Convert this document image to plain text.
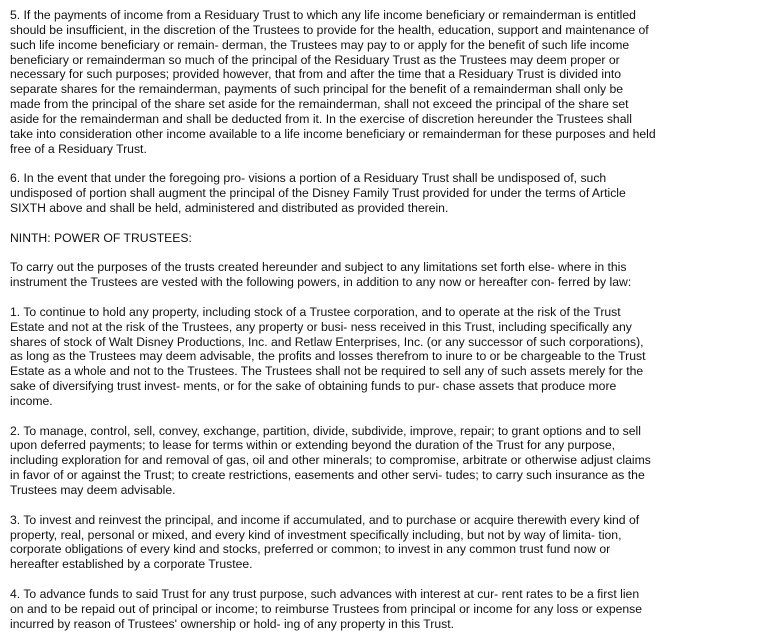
5. If the payments of income from a Residuary Trust to which any life income beneficiary or remainderman is entitled
should be insufficient, in the discretion of the Trustees to provide for the health, education, support and maintenance of
such life income beneficiary or remain- derman, the Trustees may pay to or apply for the benefit of such life income
beneficiary or remainderman so much of the principal of the Residuary Trust as the Trustees may deem proper or
necessary for such purposes; provided however, that from and after the time that a Residuary Trust is divided into
separate shares for the remainderman, payments of such principal for the benefit of a remainderman shall only be
made from the principal of the share set aside for the remainderman, shall not exceed the principal of the share set
aside for the remainderman and shall be deducted from it. In the exercise of discretion hereunder the Trustees shall
take into consideration other income available to a life income beneficiary or remainderman for these purposes and held
free of a Residuary Trust.

6. In the event that under the foregoing pro- visions a portion of a Residuary Trust shall be undisposed of, such
undisposed of portion shall augment the principal of the Disney Family Trust provided for under the terms of Article
SIXTH above and shall be held, administered and distributed as provided therein.

NINTH: POWER OF TRUSTEES:

To carry out the purposes of the trusts created hereunder and subject to any limitations set forth else- where in this
instrument the Trustees are vested with the following powers, in addition to any now or hereafter con- ferred by law:

1. To continue to hold any property, including stock of a Trustee corporation, and to operate at the risk of the Trust
Estate and not at the risk of the Trustees, any property or busi- ness received in this Trust, including specifically any
shares of stock of Walt Disney Productions, Inc. and Retlaw Enterprises, Inc. (or any successor of such corporations),
as long as the Trustees may deem advisable, the profits and losses therefrom to inure to or be chargeable to the Trust
Estate as a whole and not to the Trustees. The Trustees shall not be required to sell any of such assets merely for the
sake of diversifying trust invest- ments, or for the sake of obtaining funds to pur- chase assets that produce more
income.

2. To manage, control, sell, convey, exchange, partition, divide, subdivide, improve, repair; to grant options and to sell
upon deferred payments; to lease for terms within or extending beyond the duration of the Trust for any purpose,
including exploration for and removal of gas, oil and other minerals; to compromise, arbitrate or otherwise adjust claims
in favor of or against the Trust; to create restrictions, easements and other servi- tudes; to carry such insurance as the
Trustees may deem advisable.

3. To invest and reinvest the principal, and income if accumulated, and to purchase or acquire therewith every kind of
property, real, personal or mixed, and every kind of investment specifically including, but not by way of limita- tion,
corporate obligations of every kind and stocks, preferred or common; to invest in any common trust fund now or
hereafter established by a corporate Trustee.

4. To advance funds to said Trust for any trust purpose, such advances with interest at cur- rent rates to be a first lien
on and to be repaid out of principal or income; to reimburse Trustees from principal or income for any loss or expense
incurred by reason of Trustees' ownership or hold- ing of any property in this Trust.
